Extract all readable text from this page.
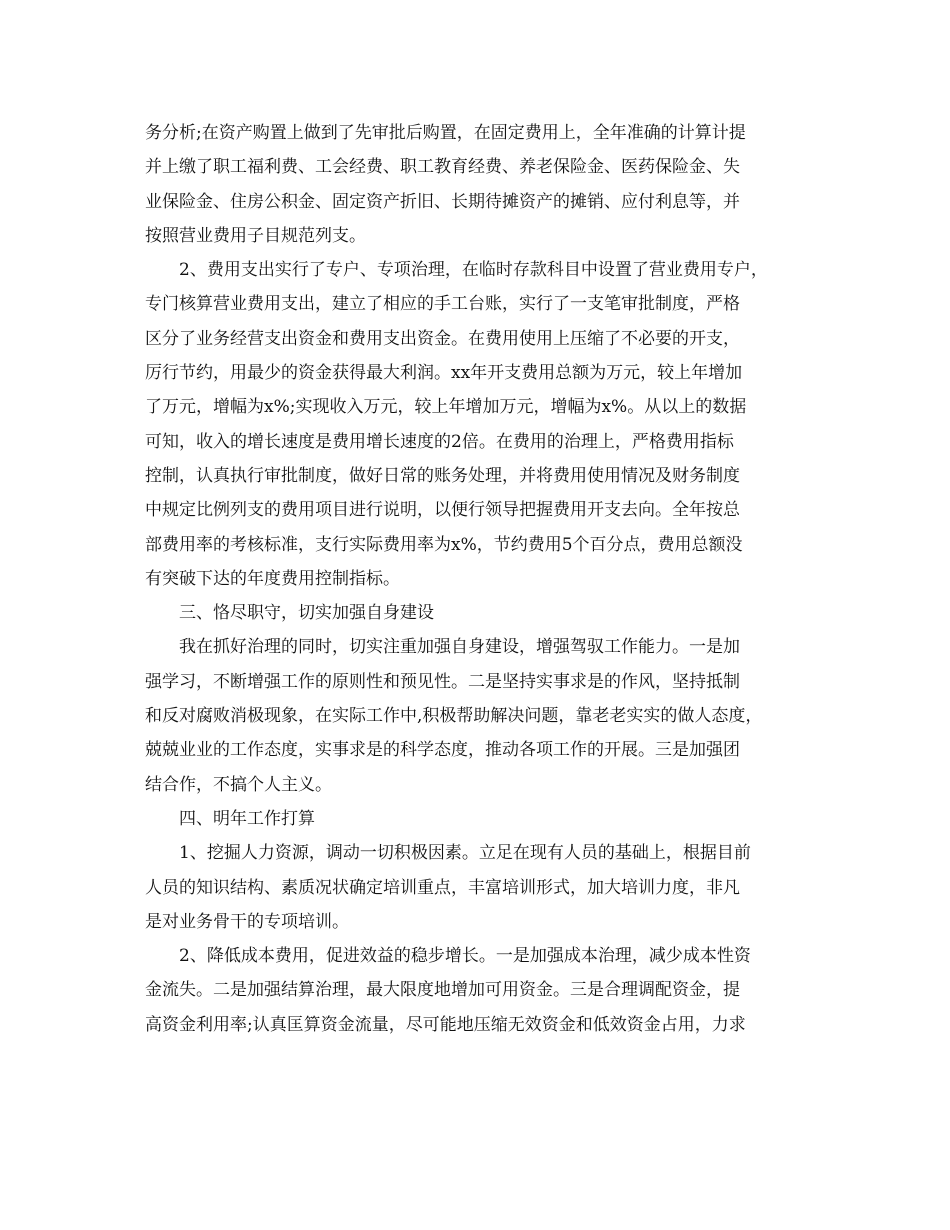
务分析;在资产购置上做到了先审批后购置，在固定费用上，全年准确的计算计提
并上缴了职工福利费、工会经费、职工教育经费、养老保险金、医药保险金、失
业保险金、住房公积金、固定资产折旧、长期待摊资产的摊销、应付利息等，并
按照营业费用子目规范列支。
2、费用支出实行了专户、专项治理，在临时存款科目中设置了营业费用专户，
专门核算营业费用支出，建立了相应的手工台账，实行了一支笔审批制度，严格
区分了业务经营支出资金和费用支出资金。在费用使用上压缩了不必要的开支，
厉行节约，用最少的资金获得最大利润。xx年开支费用总额为万元，较上年增加
了万元，增幅为x%;实现收入万元，较上年增加万元，增幅为x%。从以上的数据
可知，收入的增长速度是费用增长速度的2倍。在费用的治理上，严格费用指标
控制，认真执行审批制度，做好日常的账务处理，并将费用使用情况及财务制度
中规定比例列支的费用项目进行说明，以便行领导把握费用开支去向。全年按总
部费用率的考核标准，支行实际费用率为x%，节约费用5个百分点，费用总额没
有突破下达的年度费用控制指标。
三、恪尽职守，切实加强自身建设
我在抓好治理的同时，切实注重加强自身建设，增强驾驭工作能力。一是加
强学习，不断增强工作的原则性和预见性。二是坚持实事求是的作风，坚持抵制
和反对腐败消极现象，在实际工作中,积极帮助解决问题，靠老老实实的做人态度，
兢兢业业的工作态度，实事求是的科学态度，推动各项工作的开展。三是加强团
结合作，不搞个人主义。
四、明年工作打算
1、挖掘人力资源，调动一切积极因素。立足在现有人员的基础上，根据目前
人员的知识结构、素质况状确定培训重点，丰富培训形式，加大培训力度，非凡
是对业务骨干的专项培训。
2、降低成本费用，促进效益的稳步增长。一是加强成本治理，减少成本性资
金流失。二是加强结算治理，最大限度地增加可用资金。三是合理调配资金，提
高资金利用率;认真匡算资金流量，尽可能地压缩无效资金和低效资金占用，力求
